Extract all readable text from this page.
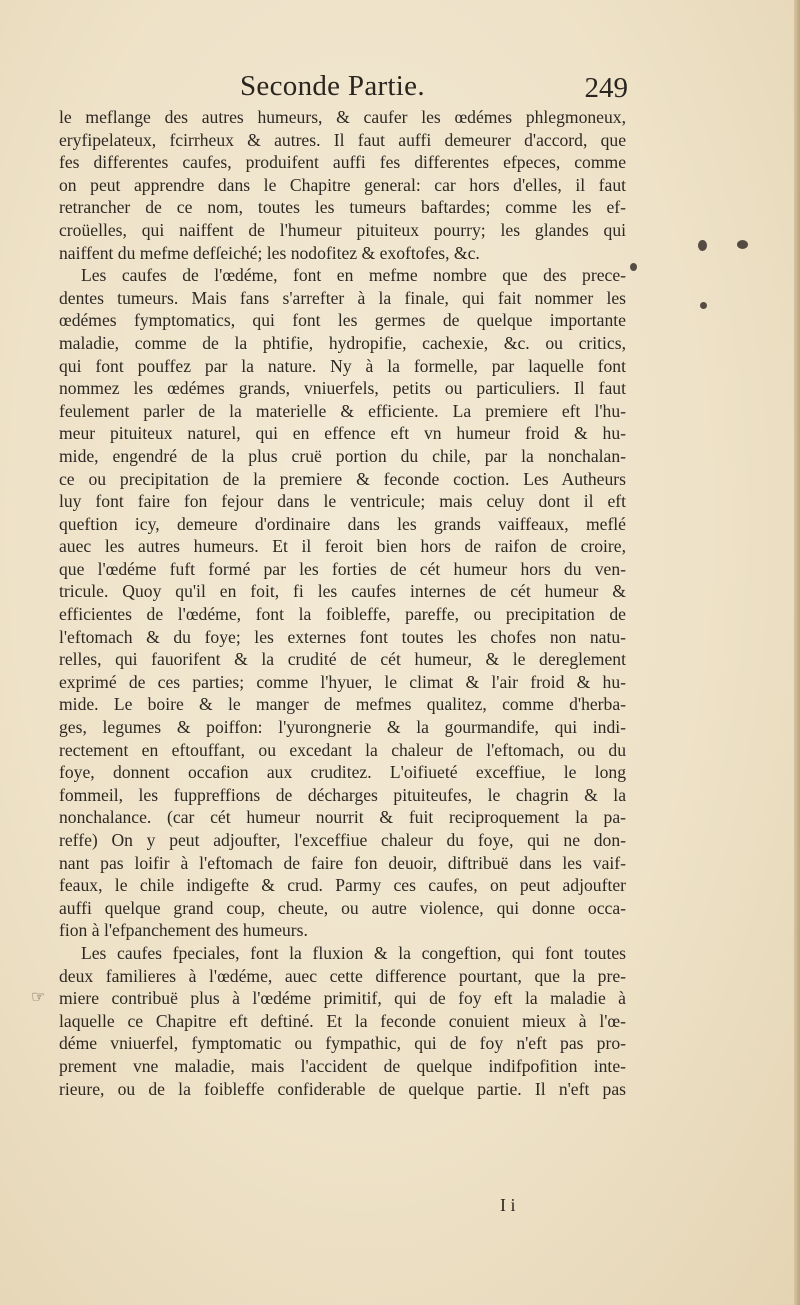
Seconde Partie.	249
le meflange des autres humeurs, & caufer les œdémes phlegmoneux,
eryfipelateux, fcirrheux & autres. Il faut auffi demeurer d'accord, que
fes differentes caufes, produifent auffi fes differentes efpeces, comme
on peut apprendre dans le Chapitre general: car hors d'elles, il faut
retrancher de ce nom, toutes les tumeurs baftardes; comme les ef-
croüelles, qui naiffent de l'humeur pituiteux pourry; les glandes qui
naiffent du mefme defſeiché; les nodofitez & exoftofes, &c.
Les caufes de l'œdéme, font en mefme nombre que des prece-
dentes tumeurs. Mais fans s'arrefter à la finale, qui fait nommer les
œdémes fymptomatics, qui font les germes de quelque importante
maladie, comme de la phtifie, hydropifie, cachexie, &c. ou critics,
qui font pouffez par la nature. Ny à la formelle, par laquelle font
nommez les œdémes grands, vniuerfels, petits ou particuliers. Il faut
feulement parler de la materielle & efficiente. La premiere eft l'hu-
meur pituiteux naturel, qui en effence eft vn humeur froid & hu-
mide, engendré de la plus cruë portion du chile, par la nonchalan-
ce ou precipitation de la premiere & feconde coction. Les Autheurs
luy font faire fon fejour dans le ventricule; mais celuy dont il eft
queftion icy, demeure d'ordinaire dans les grands vaiffeaux, meflé
auec les autres humeurs. Et il feroit bien hors de raifon de croire,
que l'œdéme fuft formé par les forties de cét humeur hors du ven-
tricule. Quoy qu'il en foit, fi les caufes internes de cét humeur &
efficientes de l'œdéme, font la foibleffe, pareffe, ou precipitation de
l'eftomach & du foye; les externes font toutes les chofes non natu-
relles, qui fauorifent & la crudité de cét humeur, & le dereglement
exprimé de ces parties; comme l'hyuer, le climat & l'air froid & hu-
mide. Le boire & le manger de mefmes qualitez, comme d'herba-
ges, legumes & poiffon: l'yurongnerie & la gourmandife, qui indi-
rectement en eftouffant, ou excedant la chaleur de l'eftomach, ou du
foye, donnent occafion aux cruditez. L'oifiueté exceffiue, le long
fommeil, les fuppreffions de décharges pituiteufes, le chagrin & la
nonchalance. (car cét humeur nourrit & fuit reciproquement la pa-
reffe) On y peut adjoufter, l'exceffiue chaleur du foye, qui ne don-
nant pas loifir à l'eftomach de faire fon deuoir, diftribuë dans les vaif-
feaux, le chile indigefte & crud. Parmy ces caufes, on peut adjoufter
auffi quelque grand coup, cheute, ou autre violence, qui donne occa-
fion à l'efpanchement des humeurs.
Les caufes fpeciales, font la fluxion & la congeftion, qui font toutes
deux familieres à l'œdéme, auec cette difference pourtant, que la pre-
miere contribuë plus à l'œdéme primitif, qui de foy eft la maladie à
laquelle ce Chapitre eft deftiné. Et la feconde conuient mieux à l'œ-
déme vniuerfel, fymptomatic ou fympathic, qui de foy n'eft pas pro-
prement vne maladie, mais l'accident de quelque indifpofition inte-
rieure, ou de la foibleffe confiderable de quelque partie. Il n'eft pas
I i
☞
